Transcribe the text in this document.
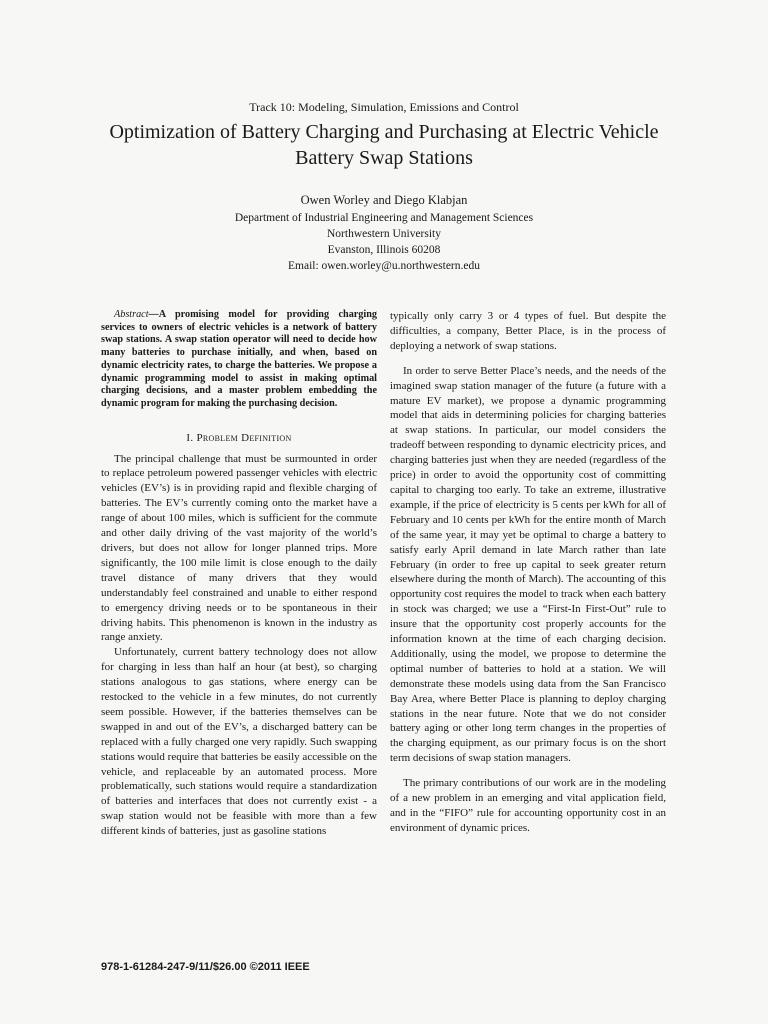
Track 10: Modeling, Simulation, Emissions and Control
Optimization of Battery Charging and Purchasing at Electric Vehicle Battery Swap Stations
Owen Worley and Diego Klabjan
Department of Industrial Engineering and Management Sciences
Northwestern University
Evanston, Illinois 60208
Email: owen.worley@u.northwestern.edu

Abstract—A promising model for providing charging services to owners of electric vehicles is a network of battery swap stations. A swap station operator will need to decide how many batteries to purchase initially, and when, based on dynamic electricity rates, to charge the batteries. We propose a dynamic programming model to assist in making optimal charging decisions, and a master problem embedding the dynamic program for making the purchasing decision.

I. Problem Definition

The principal challenge that must be surmounted in order to replace petroleum powered passenger vehicles with electric vehicles (EV’s) is in providing rapid and flexible charging of batteries. The EV’s currently coming onto the market have a range of about 100 miles, which is sufficient for the commute and other daily driving of the vast majority of the world’s drivers, but does not allow for longer planned trips. More significantly, the 100 mile limit is close enough to the daily travel distance of many drivers that they would understandably feel constrained and unable to either respond to emergency driving needs or to be spontaneous in their driving habits. This phenomenon is known in the industry as range anxiety.

Unfortunately, current battery technology does not allow for charging in less than half an hour (at best), so charging stations analogous to gas stations, where energy can be restocked to the vehicle in a few minutes, do not currently seem possible. However, if the batteries themselves can be swapped in and out of the EV’s, a discharged battery can be replaced with a fully charged one very rapidly. Such swapping stations would require that batteries be easily accessible on the vehicle, and replaceable by an automated process. More problematically, such stations would require a standardization of batteries and interfaces that does not currently exist - a swap station would not be feasible with more than a few different kinds of batteries, just as gasoline stations

typically only carry 3 or 4 types of fuel. But despite the difficulties, a company, Better Place, is in the process of deploying a network of swap stations.

In order to serve Better Place’s needs, and the needs of the imagined swap station manager of the future (a future with a mature EV market), we propose a dynamic programming model that aids in determining policies for charging batteries at swap stations. In particular, our model considers the tradeoff between responding to dynamic electricity prices, and charging batteries just when they are needed (regardless of the price) in order to avoid the opportunity cost of committing capital to charging too early. To take an extreme, illustrative example, if the price of electricity is 5 cents per kWh for all of February and 10 cents per kWh for the entire month of March of the same year, it may yet be optimal to charge a battery to satisfy early April demand in late March rather than late February (in order to free up capital to seek greater return elsewhere during the month of March). The accounting of this opportunity cost requires the model to track when each battery in stock was charged; we use a “First-In First-Out” rule to insure that the opportunity cost properly accounts for the information known at the time of each charging decision. Additionally, using the model, we propose to determine the optimal number of batteries to hold at a station. We will demonstrate these models using data from the San Francisco Bay Area, where Better Place is planning to deploy charging stations in the near future. Note that we do not consider battery aging or other long term changes in the properties of the charging equipment, as our primary focus is on the short term decisions of swap station managers.

The primary contributions of our work are in the modeling of a new problem in an emerging and vital application field, and in the “FIFO” rule for accounting opportunity cost in an environment of dynamic prices.

978-1-61284-247-9/11/$26.00 ©2011 IEEE
